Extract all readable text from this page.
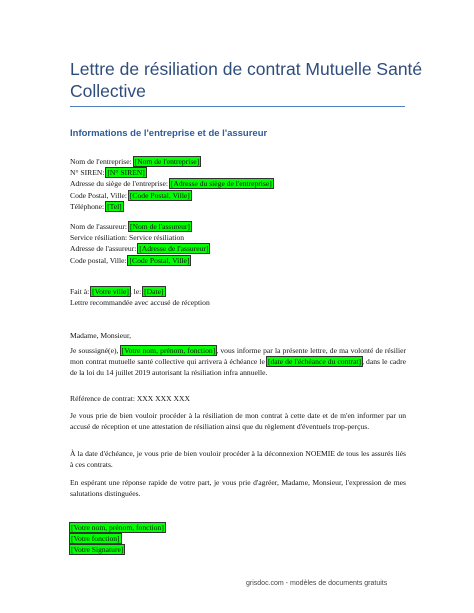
Lettre de résiliation de contrat Mutuelle Santé Collective
Informations de l'entreprise et de l'assureur
Nom de l'entreprise: [Nom de l'entreprise]
N° SIREN: [N° SIREN]
Adresse du siège de l'entreprise: [Adresse du siège de l'entreprise]
Code Postal, Ville: [Code Postal, Ville]
Téléphone: [Tel]
Nom de l'assureur: [Nom de l'assureur]
Service résiliation: Service résiliation
Adresse de l'assureur: [Adresse de l'assureur]
Code postal, Ville: [Code Postal, Ville]
Fait à: [Votre ville], le: [Date]
Lettre recommandée avec accusé de réception
Madame, Monsieur,
Je soussigné(e), [Votre nom, prénom, fonction], vous informe par la présente lettre, de ma volonté de résilier mon contrat mutuelle santé collective qui arrivera à échéance le [date de l'échéance du contrat], dans le cadre de la loi du 14 juillet 2019 autorisant la résiliation infra annuelle.
Référence de contrat: XXX XXX XXX
Je vous prie de bien vouloir procéder à la résiliation de mon contrat à cette date et de m'en informer par un accusé de réception et une attestation de résiliation ainsi que du règlement d'éventuels trop-perçus.
À la date d'échéance, je vous prie de bien vouloir procéder à la déconnexion NOEMIE de tous les assurés liés à ces contrats.
En espérant une réponse rapide de votre part, je vous prie d'agréer, Madame, Monsieur, l'expression de mes salutations distinguées.
[Votre nom, prénom, fonction]
[Votre fonction]
[Votre Signature]
grisdoc.com - modèles de documents gratuits
